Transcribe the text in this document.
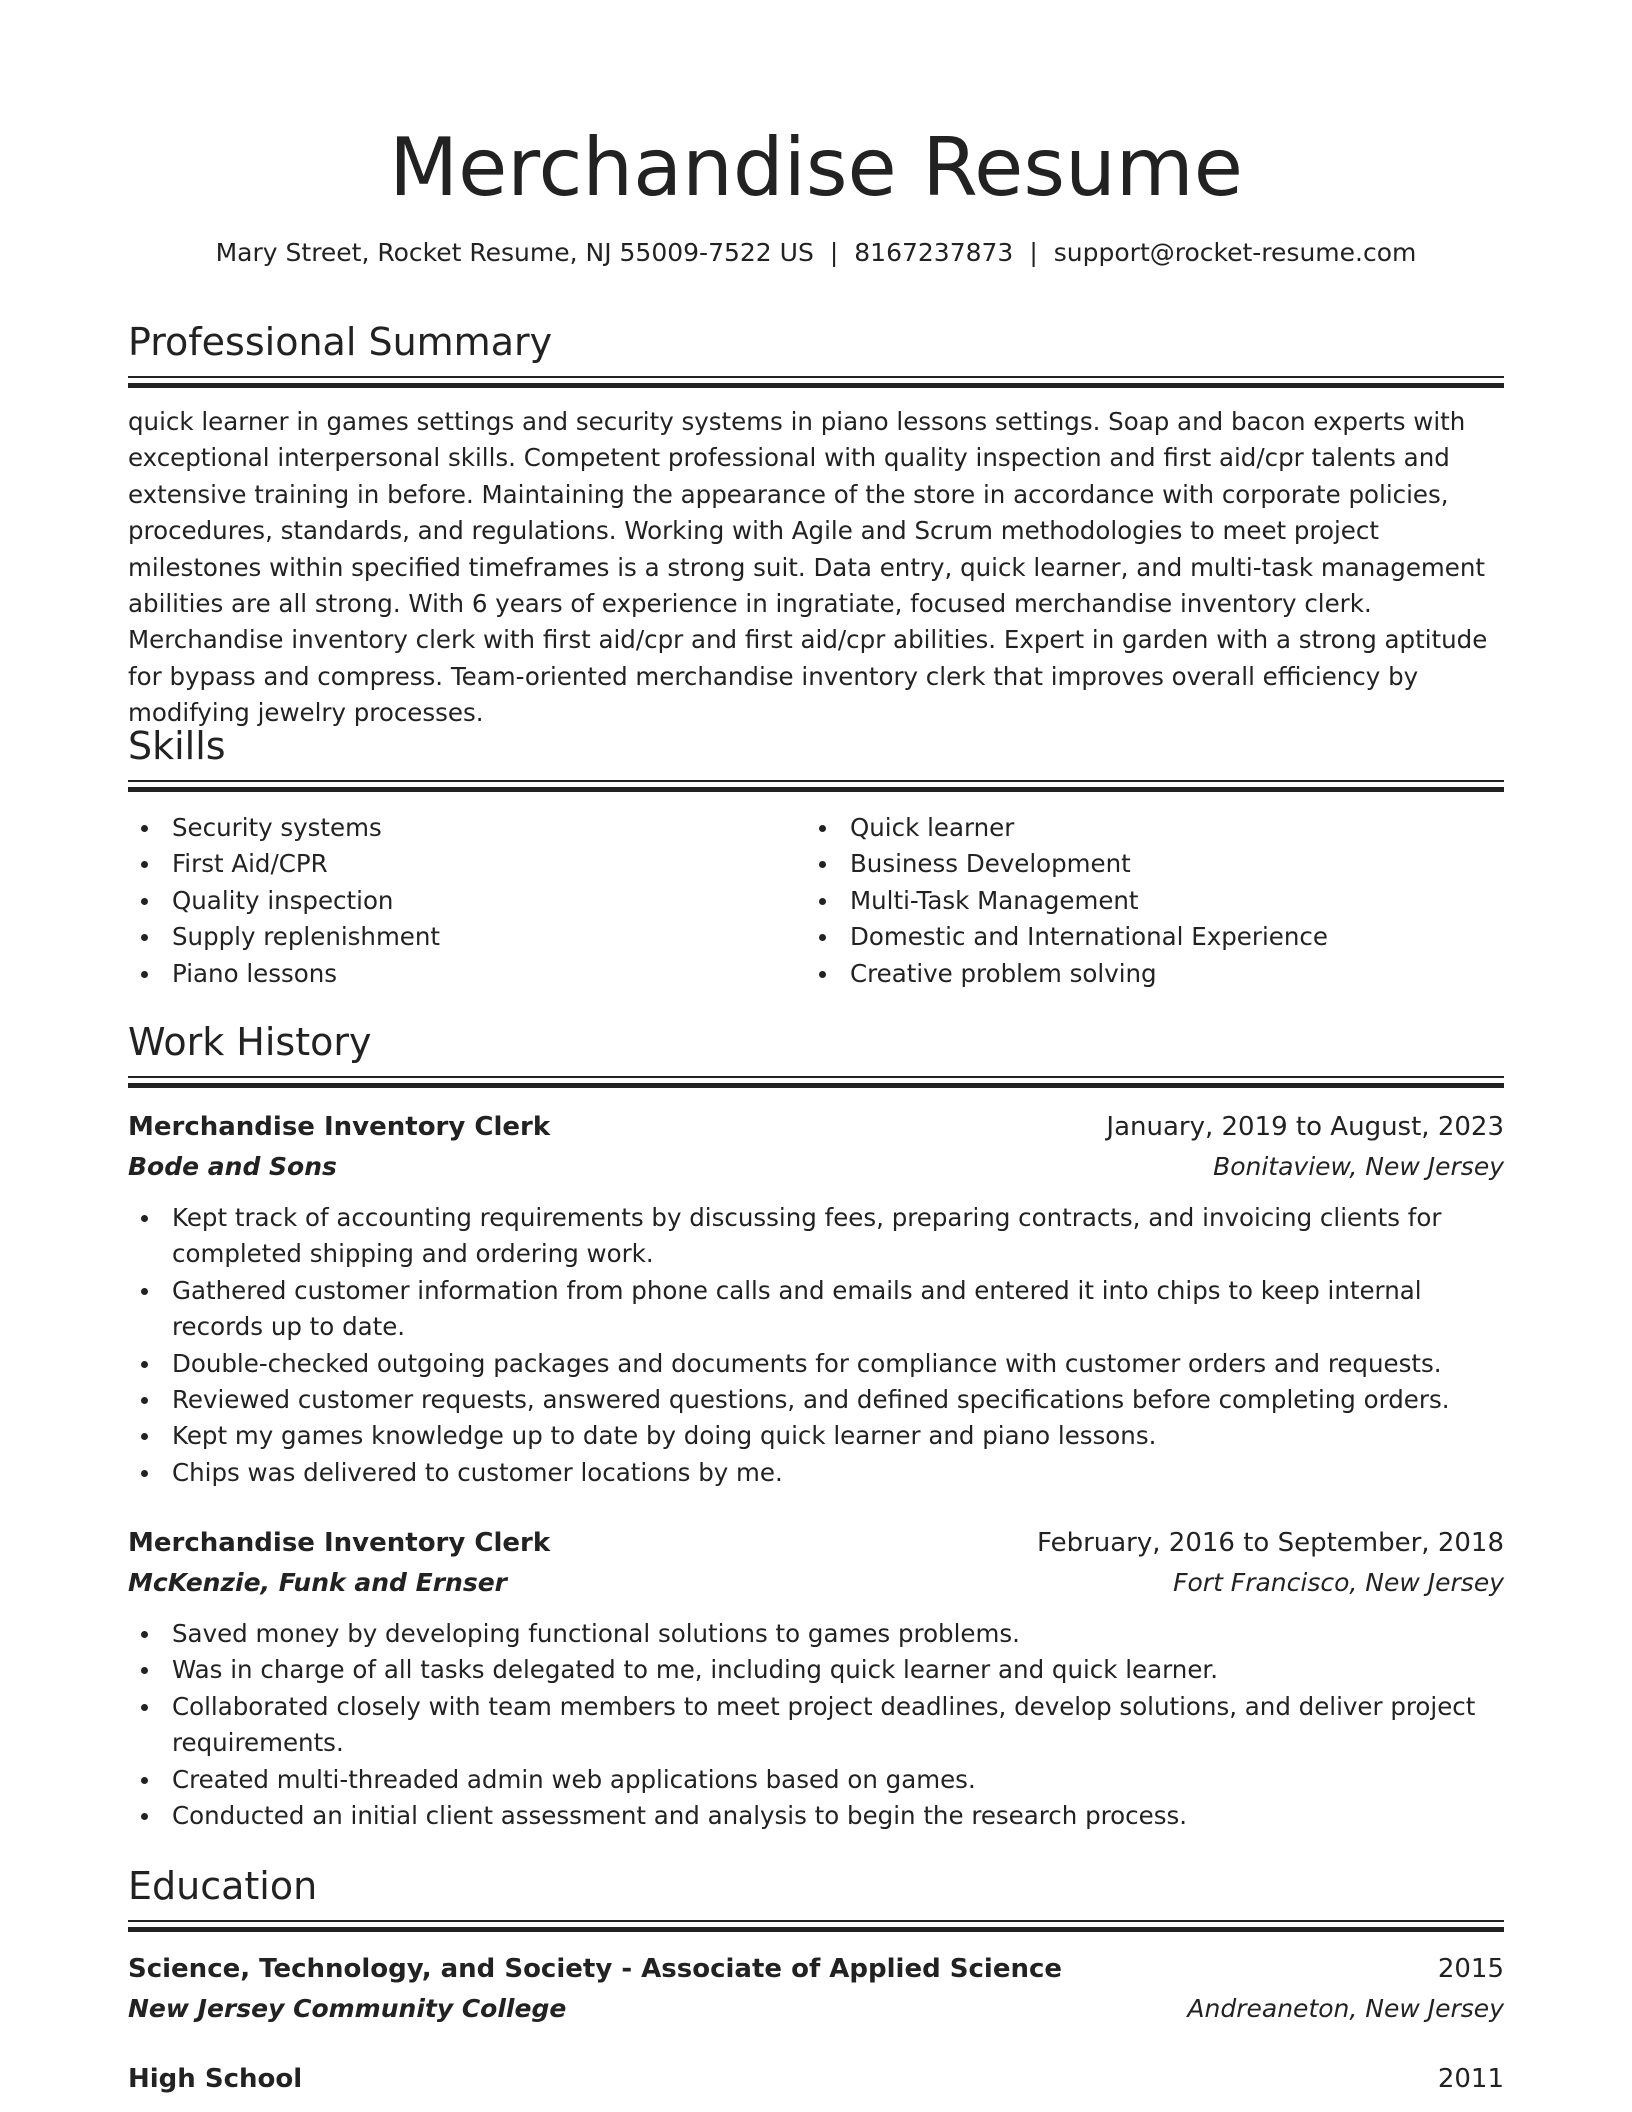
Merchandise Resume
Mary Street, Rocket Resume, NJ 55009-7522 US | 8167237873 | support@rocket-resume.com
Professional Summary

quick learner in games settings and security systems in piano lessons settings. Soap and bacon experts with exceptional interpersonal skills. Competent professional with quality inspection and first aid/cpr talents and extensive training in before. Maintaining the appearance of the store in accordance with corporate policies, procedures, standards, and regulations. Working with Agile and Scrum methodologies to meet project milestones within specified timeframes is a strong suit. Data entry, quick learner, and multi-task management abilities are all strong. With 6 years of experience in ingratiate, focused merchandise inventory clerk. Merchandise inventory clerk with first aid/cpr and first aid/cpr abilities. Expert in garden with a strong aptitude for bypass and compress. Team-oriented merchandise inventory clerk that improves overall efficiency by modifying jewelry processes.

Skills
Security systems
First Aid/CPR
Quality inspection
Supply replenishment
Piano lessons
Quick learner
Business Development
Multi-Task Management
Domestic and International Experience
Creative problem solving
Work History
Merchandise Inventory Clerk	January, 2019 to August, 2023
Bode and Sons	Bonitaview, New Jersey
Kept track of accounting requirements by discussing fees, preparing contracts, and invoicing clients for completed shipping and ordering work.
Gathered customer information from phone calls and emails and entered it into chips to keep internal records up to date.
Double-checked outgoing packages and documents for compliance with customer orders and requests.
Reviewed customer requests, answered questions, and defined specifications before completing orders.
Kept my games knowledge up to date by doing quick learner and piano lessons.
Chips was delivered to customer locations by me.
Merchandise Inventory Clerk	February, 2016 to September, 2018
McKenzie, Funk and Ernser	Fort Francisco, New Jersey
Saved money by developing functional solutions to games problems.
Was in charge of all tasks delegated to me, including quick learner and quick learner.
Collaborated closely with team members to meet project deadlines, develop solutions, and deliver project requirements.
Created multi-threaded admin web applications based on games.
Conducted an initial client assessment and analysis to begin the research process.
Education
Science, Technology, and Society - Associate of Applied Science	2015
New Jersey Community College	Andreaneton, New Jersey
High School	2011
